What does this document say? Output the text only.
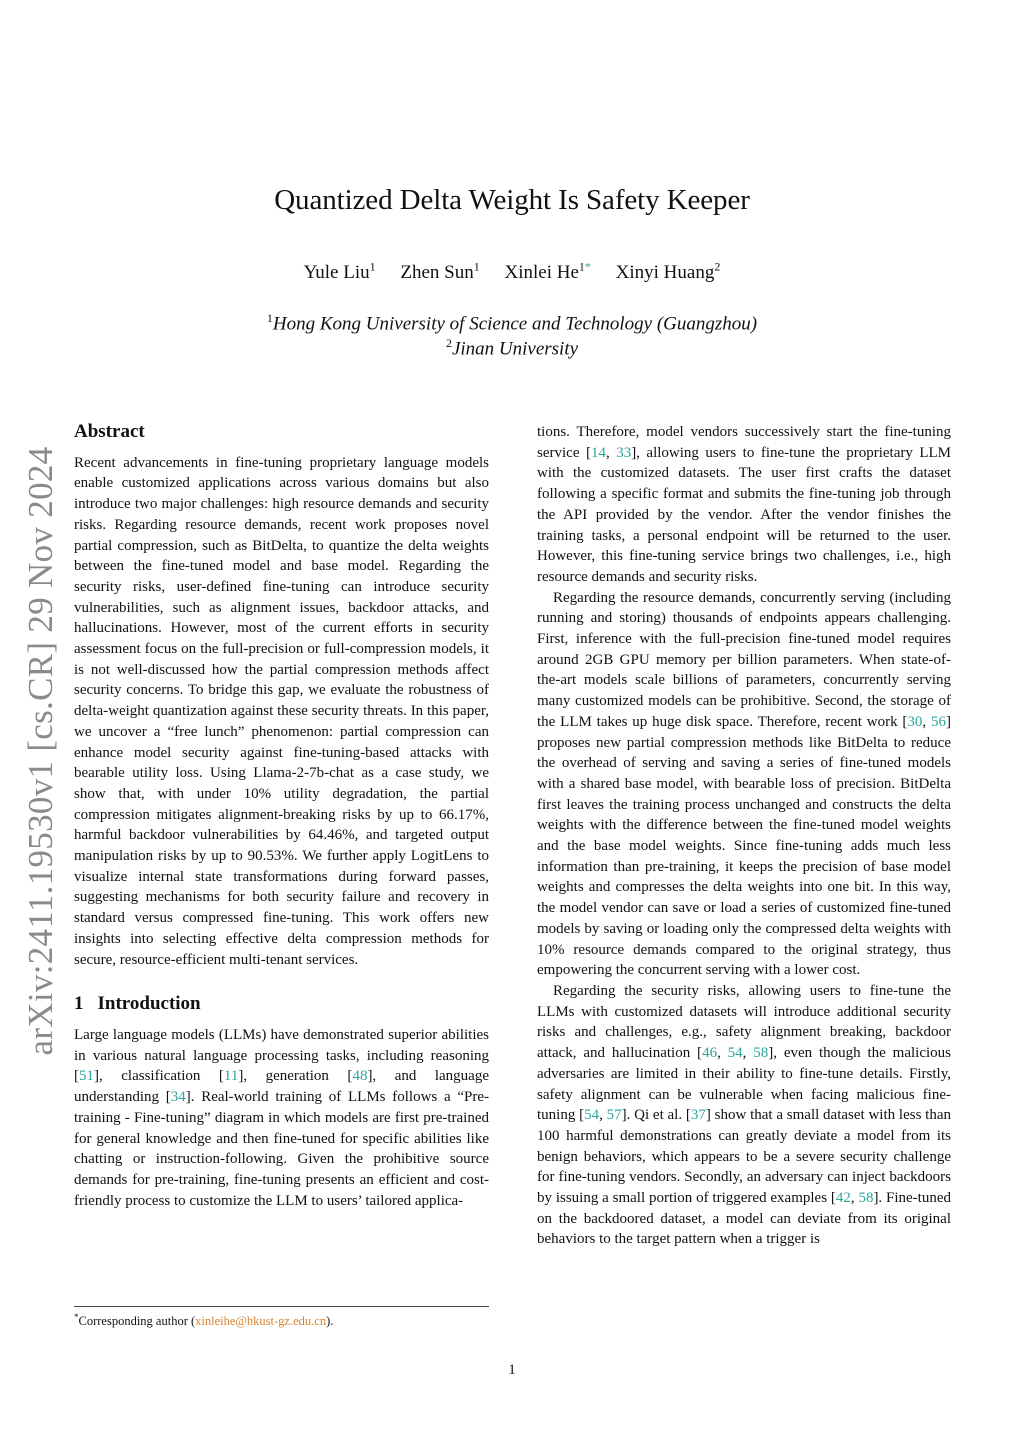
arXiv:2411.19530v1 [cs.CR] 29 Nov 2024
Quantized Delta Weight Is Safety Keeper
Yule Liu$^1$ Zhen Sun$^1$ Xinlei $He^{1*}$ Xinyi Huang$^2$
$^1$Hong Kong University of Science and Technology (Guangzhou)
$^2$Jinan University
Abstract

Recent advancements in fine-tuning proprietary language models enable customized applications across various domains but also introduce two major challenges: high resource demands and security risks. Regarding resource demands, recent work proposes novel partial compression, such as BitDelta, to quantize the delta weights between the fine-tuned model and base model. Regarding the security risks, user-defined fine-tuning can introduce security vulnerabilities, such as alignment issues, backdoor attacks, and hallucinations. However, most of the current efforts in security assessment focus on the full-precision or full-compression models, it is not well-discussed how the partial compression methods affect security concerns. To bridge this gap, we evaluate the robustness of delta-weight quantization against these security threats. In this paper, we uncover a “free lunch” phenomenon: partial compression can enhance model security against fine-tuning-based attacks with bearable utility loss. Using Llama-2-7b-chat as a case study, we show that, with under 10% utility degradation, the partial compression mitigates alignment-breaking risks by up to 66.17%, harmful backdoor vulnerabilities by 64.46%, and targeted output manipulation risks by up to 90.53%. We further apply LogitLens to visualize internal state transformations during forward passes, suggesting mechanisms for both security failure and recovery in standard versus compressed fine-tuning. This work offers new insights into selecting effective delta compression methods for secure, resource-efficient multi-tenant services.

1 Introduction

Large language models (LLMs) have demonstrated superior abilities in various natural language processing tasks, including reasoning [51], classification [11], generation [48], and language understanding [34]. Real-world training of LLMs follows a “Pre-training - Fine-tuning” diagram in which models are first pre-trained for general knowledge and then fine-tuned for specific abilities like chatting or instruction-following. Given the prohibitive source demands for pre-training, fine-tuning presents an efficient and cost-friendly process to customize the LLM to users’ tailored applica-

tions. Therefore, model vendors successively start the fine-tuning service [14, 33], allowing users to fine-tune the proprietary LLM with the customized datasets. The user first crafts the dataset following a specific format and submits the fine-tuning job through the API provided by the vendor. After the vendor finishes the training tasks, a personal endpoint will be returned to the user. However, this fine-tuning service brings two challenges, i.e., high resource demands and security risks.

Regarding the resource demands, concurrently serving (including running and storing) thousands of endpoints appears challenging. First, inference with the full-precision fine-tuned model requires around 2GB GPU memory per billion parameters. When state-of-the-art models scale billions of parameters, concurrently serving many customized models can be prohibitive. Second, the storage of the LLM takes up huge disk space. Therefore, recent work [30, 56] proposes new partial compression methods like BitDelta to reduce the overhead of serving and saving a series of fine-tuned models with a shared base model, with bearable loss of precision. BitDelta first leaves the training process unchanged and constructs the delta weights with the difference between the fine-tuned model weights and the base model weights. Since fine-tuning adds much less information than pre-training, it keeps the precision of base model weights and compresses the delta weights into one bit. In this way, the model vendor can save or load a series of customized fine-tuned models by saving or loading only the compressed delta weights with 10% resource demands compared to the original strategy, thus empowering the concurrent serving with a lower cost.

Regarding the security risks, allowing users to fine-tune the LLMs with customized datasets will introduce additional security risks and challenges, e.g., safety alignment breaking, backdoor attack, and hallucination [46, 54, 58], even though the malicious adversaries are limited in their ability to fine-tune details. Firstly, safety alignment can be vulnerable when facing malicious fine-tuning [54, 57]. Qi et al. [37] show that a small dataset with less than 100 harmful demonstrations can greatly deviate a model from its benign behaviors, which appears to be a severe security challenge for fine-tuning vendors. Secondly, an adversary can inject backdoors by issuing a small portion of triggered examples [42, 58]. Fine-tuned on the backdoored dataset, a model can deviate from its original behaviors to the target pattern when a trigger is

*Corresponding author (xinleihe@hkust-gz.edu.cn).
1
